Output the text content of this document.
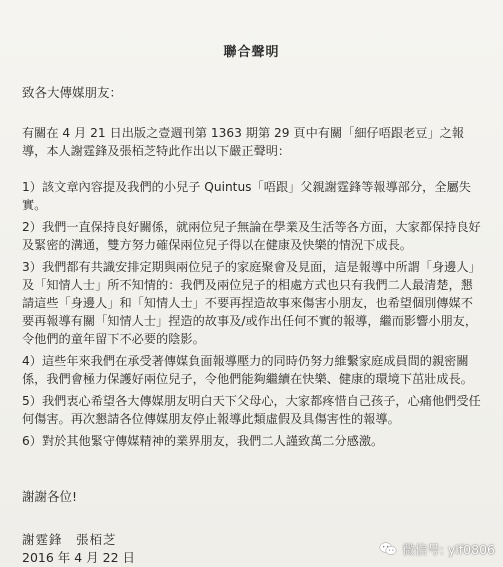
聯合聲明
致各大傳媒朋友：

有關在 4 月 21 日出版之壹週刊第 1363 期第 29 頁中有關「細仔唔跟老豆」之報導，本人謝霆鋒及張栢芝特此作出以下嚴正聲明：

1）該文章內容提及我們的小兒子 Quintus「唔跟」父親謝霆鋒等報導部分，全屬失實。

2）我們一直保持良好關係，就兩位兒子無論在學業及生活等各方面，大家都保持良好及緊密的溝通，雙方努力確保兩位兒子得以在健康及快樂的情況下成長。

3）我們都有共識安排定期與兩位兒子的家庭聚會及見面，這是報導中所謂「身邊人」及「知情人士」所不知情的：我們及兩位兒子的相處方式也只有我們二人最清楚，懇請這些「身邊人」和「知情人士」不要再捏造故事來傷害小朋友，也希望個別傳媒不要再報導有關「知情人士」捏造的故事及/或作出任何不實的報導，繼而影響小朋友，令他們的童年留下不必要的陰影。

4）這些年來我們在承受著傳媒負面報導壓力的同時仍努力維繫家庭成員間的親密關係，我們會極力保護好兩位兒子，令他們能夠繼續在快樂、健康的環境下茁壯成長。

5）我們衷心希望各大傳媒朋友明白天下父母心，大家都疼惜自己孩子，心痛他們受任何傷害。再次懇請各位傳媒朋友停止報導此類虛假及具傷害性的報導。

6）對於其他緊守傳媒精神的業界朋友，我們二人謹致萬二分感激。

謝謝各位!
謝霆鋒　張栢芝
2016 年 4 月 22 日
微信号: ylf0806
